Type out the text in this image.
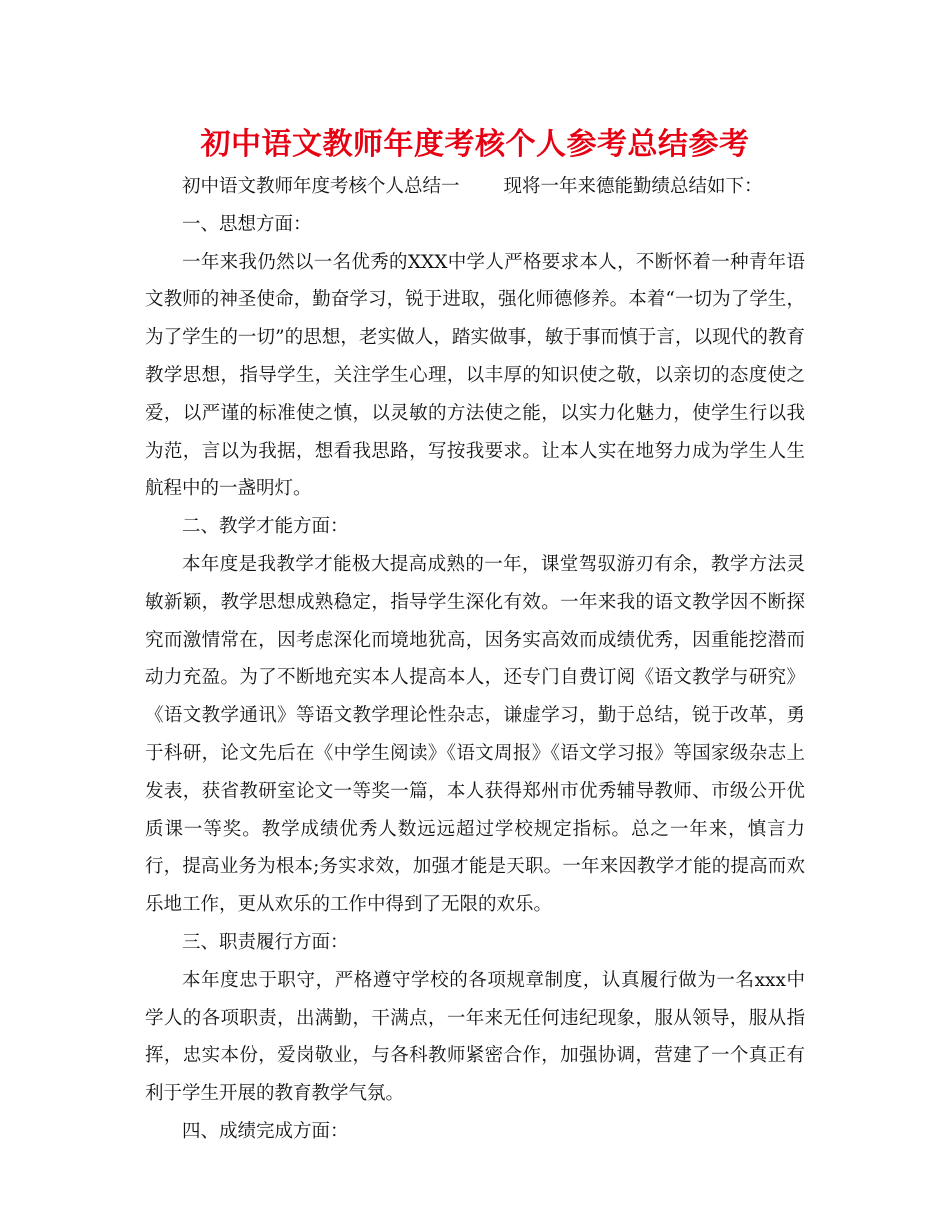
初中语文教师年度考核个人参考总结参考

初中语文教师年度考核个人总结一 现将一年来德能勤绩总结如下：

一、思想方面：

一年来我仍然以一名优秀的XXX中学人严格要求本人，不断怀着一种青年语文教师的神圣使命，勤奋学习，锐于进取，强化师德修养。本着“一切为了学生，为了学生的一切”的思想，老实做人，踏实做事，敏于事而慎于言，以现代的教育教学思想，指导学生，关注学生心理，以丰厚的知识使之敬，以亲切的态度使之爱，以严谨的标准使之慎，以灵敏的方法使之能，以实力化魅力，使学生行以我为范，言以为我据，想看我思路，写按我要求。让本人实在地努力成为学生人生航程中的一盏明灯。

二、教学才能方面：

本年度是我教学才能极大提高成熟的一年，课堂驾驭游刃有余，教学方法灵敏新颖，教学思想成熟稳定，指导学生深化有效。一年来我的语文教学因不断探究而激情常在，因考虑深化而境地犹高，因务实高效而成绩优秀，因重能挖潜而动力充盈。为了不断地充实本人提高本人，还专门自费订阅《语文教学与研究》《语文教学通讯》等语文教学理论性杂志，谦虚学习，勤于总结，锐于改革，勇于科研，论文先后在《中学生阅读》《语文周报》《语文学习报》等国家级杂志上发表，获省教研室论文一等奖一篇，本人获得郑州市优秀辅导教师、市级公开优质课一等奖。教学成绩优秀人数远远超过学校规定指标。总之一年来，慎言力行，提高业务为根本;务实求效，加强才能是天职。一年来因教学才能的提高而欢乐地工作，更从欢乐的工作中得到了无限的欢乐。

三、职责履行方面：

本年度忠于职守，严格遵守学校的各项规章制度，认真履行做为一名xxx中学人的各项职责，出满勤，干满点，一年来无任何违纪现象，服从领导，服从指挥，忠实本份，爱岗敬业，与各科教师紧密合作，加强协调，营建了一个真正有利于学生开展的教育教学气氛。

四、成绩完成方面：
